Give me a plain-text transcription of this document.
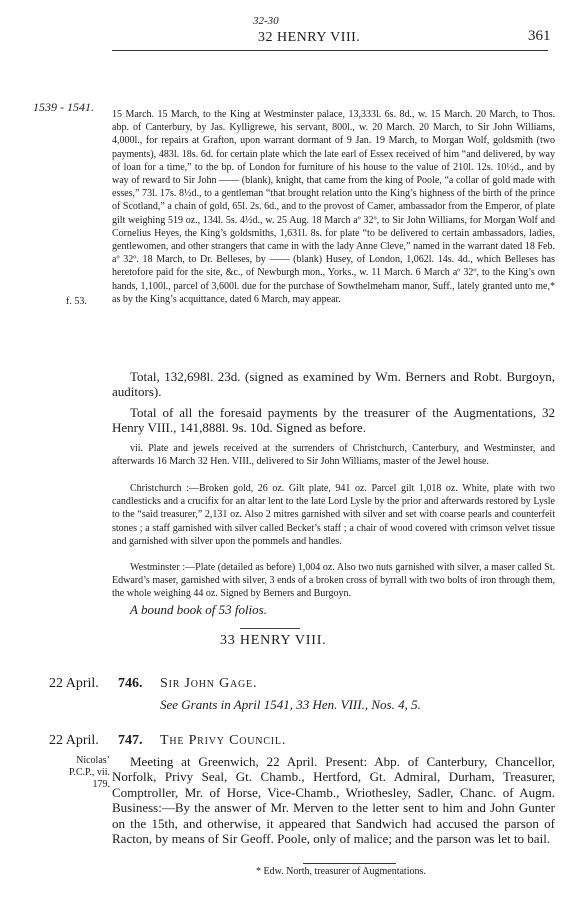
32-30
32 HENRY VIII.	361
1539 - 1541.

15 March. 15 March, to the King at Westminster palace, 13,333l. 6s. 8d., w. 15 March. 20 March, to Thos. abp. of Canterbury, by Jas. Kylligrewe, his servant, 800l., w. 20 March. 20 March, to Sir John Williams, 4,000l., for repairs at Grafton, upon warrant dormant of 9 Jan. 19 March, to Morgan Wolf, goldsmith (two payments), 483l. 18s. 6d. for certain plate which the late earl of Essex received of him “and delivered, by way of loan for a time,” to the bp. of London for furniture of his house to the value of 210l. 12s. 10½d., and by way of reward to Sir John —— (blank), knight, that came from the king of Poole, “a collar of gold made with esses,” 73l. 17s. 8½d., to a gentleman “that brought relation unto the King’s highness of the birth of the prince of Scotland,” a chain of gold, 65l. 2s. 6d., and to the provost of Camer, ambassador from the Emperor, of plate gilt weighing 519 oz., 134l. 5s. 4½d., w. 25 Aug. 18 March aº 32º, to Sir John Williams, for Morgan Wolf and Cornelius Heyes, the King’s goldsmiths, 1,631l. 8s. for plate “to be delivered to certain ambassadors, ladies, gentlewomen, and other strangers that came in with the lady Anne Cleve,” named in the warrant dated 18 Feb. aº 32º. 18 March, to Dr. Belleses, by —— (blank) Husey, of London, 1,062l. 14s. 4d., which Belleses has heretofore paid for the site, &c., of Newburgh mon., Yorks., w. 11 March. 6 March aº 32º, to the King’s own hands, 1,100l., parcel of 3,600l. due for the purchase of Sowthelmeham manor, Suff., lately granted unto me,* as by the King’s acquittance, dated 6 March, may appear.

f. 53.

Total, 132,698l. 23d. (signed as examined by Wm. Berners and Robt. Burgoyn, auditors).

Total of all the foresaid payments by the treasurer of the Augmentations, 32 Henry VIII., 141,888l. 9s. 10d. Signed as before.

vii. Plate and jewels received at the surrenders of Christchurch, Canterbury, and Westminster, and afterwards 16 March 32 Hen. VIII., delivered to Sir John Williams, master of the Jewel house.

Christchurch :—Broken gold, 26 oz. Gilt plate, 941 oz. Parcel gilt 1,018 oz. White, plate with two candlesticks and a crucifix for an altar lent to the late Lord Lysle by the prior and afterwards restored by Lysle to the “said treasurer,” 2,131 oz. Also 2 mitres garnished with silver and set with coarse pearls and counterfeit stones ; a staff garnished with silver called Becket’s staff ; a chair of wood covered with crimson velvet tissue and garnished with silver upon the pommels and handles.

Westminster :—Plate (detailed as before) 1,004 oz. Also two nuts garnished with silver, a maser called St. Edward’s maser, garnished with silver, 3 ends of a broken cross of byrrall with two bolts of iron through them, the whole weighing 44 oz. Signed by Berners and Burgoyn.

A bound book of 53 folios.

33 HENRY VIII.
22 April. 746. Sir John Gage.
See Grants in April 1541, 33 Hen. VIII., Nos. 4, 5.
22 April. 747. The Privy Council.
Nicolas’ P.C.P., vii. 179.

Meeting at Greenwich, 22 April. Present: Abp. of Canterbury, Chancellor, Norfolk, Privy Seal, Gt. Chamb., Hertford, Gt. Admiral, Durham, Treasurer, Comptroller, Mr. of Horse, Vice-Chamb., Wriothesley, Sadler, Chanc. of Augm. Business:—By the answer of Mr. Merven to the letter sent to him and John Gunter on the 15th, and otherwise, it appeared that Sandwich had accused the parson of Racton, by means of Sir Geoff. Poole, only of malice; and the parson was let to bail.

* Edw. North, treasurer of Augmentations.
